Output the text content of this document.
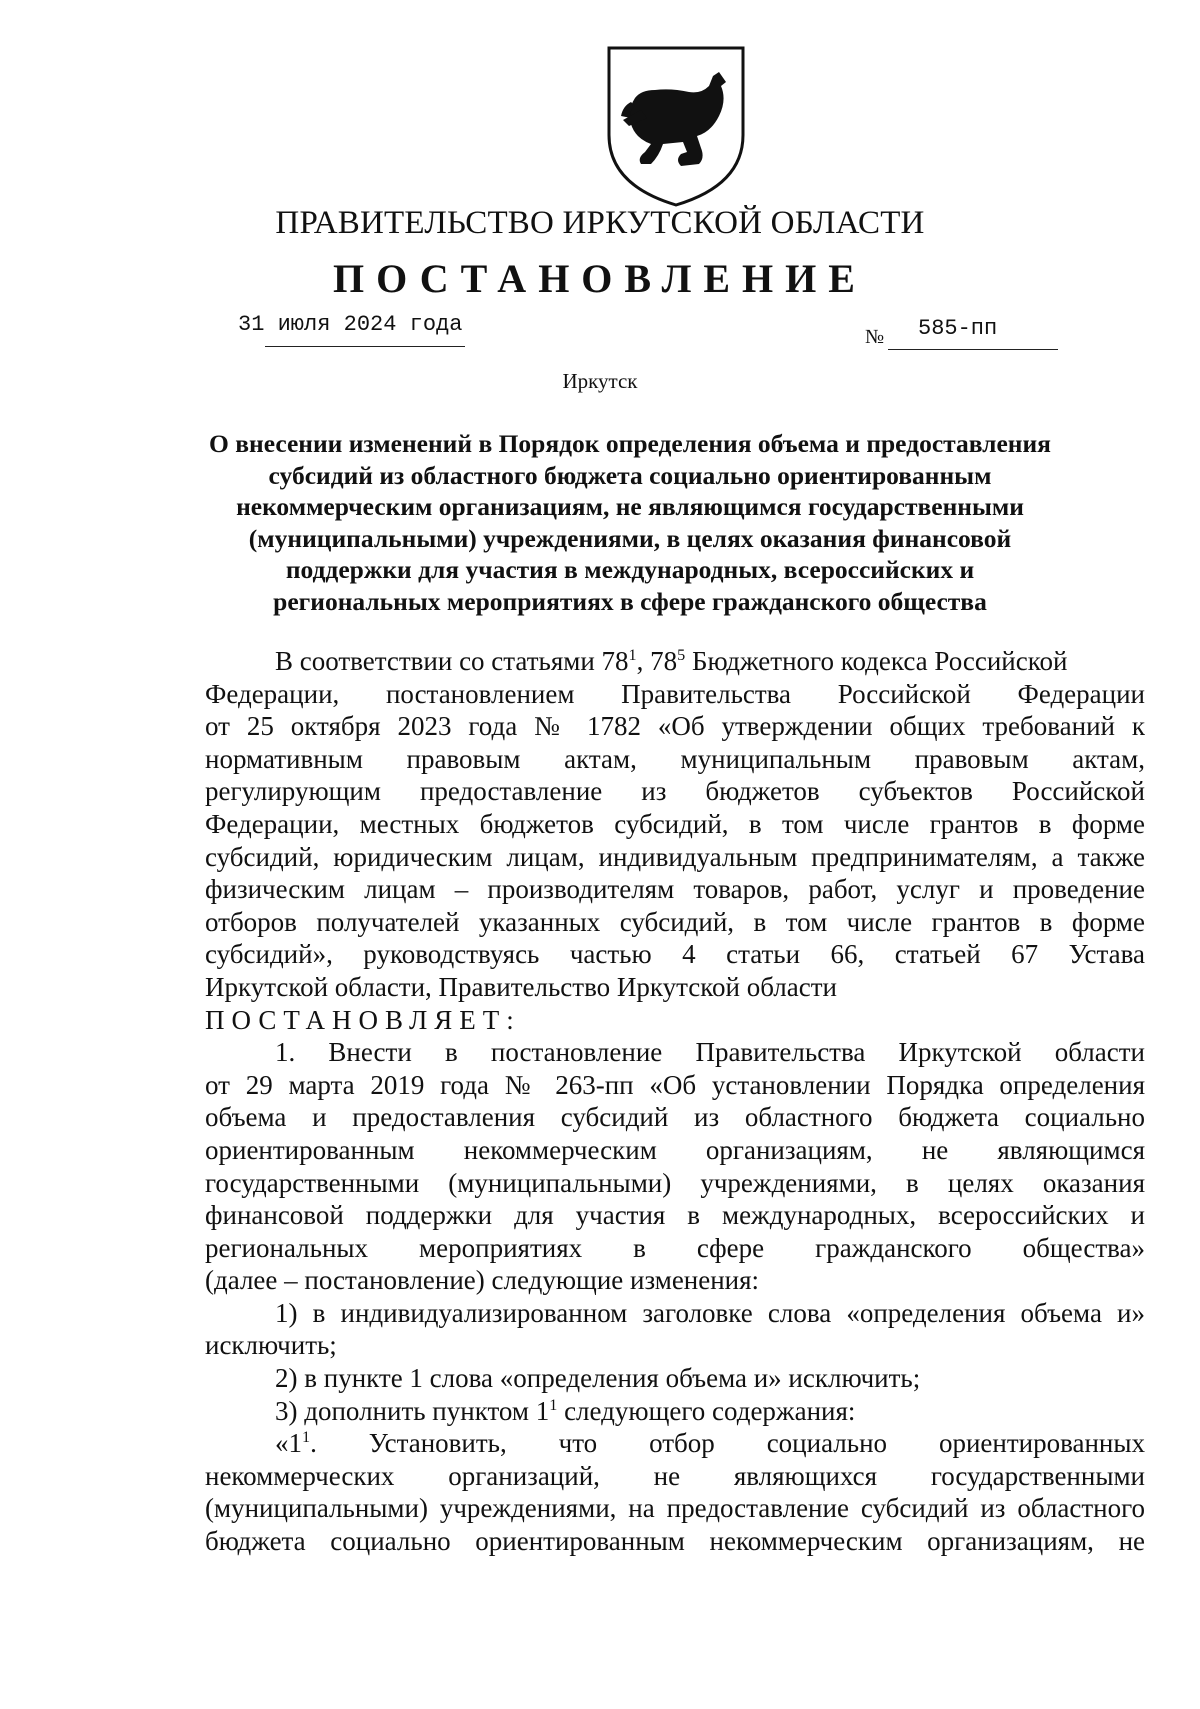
ПРАВИТЕЛЬСТВО ИРКУТСКОЙ ОБЛАСТИ
ПОСТАНОВЛЕНИЕ
31 июля 2024 года	№ 585-пп
Иркутск
О внесении изменений в Порядок определения объема и предоставления
субсидий из областного бюджета социально ориентированным
некоммерческим организациям, не являющимся государственными
(муниципальными) учреждениями, в целях оказания финансовой
поддержки для участия в международных, всероссийских и
региональных мероприятиях в сфере гражданского общества
В соответствии со статьями $78^1$, $78^5$ Бюджетного кодекса Российской
Федерации, постановлением Правительства Российской Федерации
от 25 октября 2023 года № 1782 «Об утверждении общих требований к
нормативным правовым актам, муниципальным правовым актам,
регулирующим предоставление из бюджетов субъектов Российской
Федерации, местных бюджетов субсидий, в том числе грантов в форме
субсидий, юридическим лицам, индивидуальным предпринимателям, а также
физическим лицам – производителям товаров, работ, услуг и проведение
отборов получателей указанных субсидий, в том числе грантов в форме
субсидий», руководствуясь частью 4 статьи 66, статьей 67 Устава
Иркутской области, Правительство Иркутской области
ПОСТАНОВЛЯЕТ:
1. Внести в постановление Правительства Иркутской области
от 29 марта 2019 года № 263-пп «Об установлении Порядка определения
объема и предоставления субсидий из областного бюджета социально
ориентированным некоммерческим организациям, не являющимся
государственными (муниципальными) учреждениями, в целях оказания
финансовой поддержки для участия в международных, всероссийских и
региональных мероприятиях в сфере гражданского общества»
(далее – постановление) следующие изменения:
1) в индивидуализированном заголовке слова «определения объема и»
исключить;
2) в пункте 1 слова «определения объема и» исключить;
3) дополнить пунктом $1^1$ следующего содержания:
«$1^1$ . Установить, что отбор социально ориентированных
некоммерческих организаций, не являющихся государственными
(муниципальными) учреждениями, на предоставление субсидий из областного
бюджета социально ориентированным некоммерческим организациям, не
